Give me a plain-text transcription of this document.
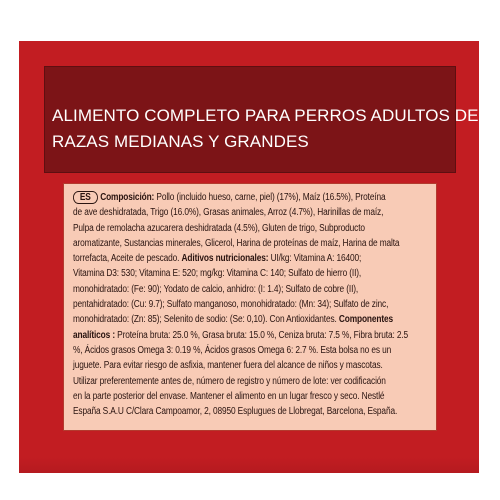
ALIMENTO COMPLETO PARA PERROS ADULTOS DE
RAZAS MEDIANAS Y GRANDES
ES Composición: Pollo (incluido hueso, carne, piel) (17%), Maíz (16.5%), Proteína
de ave deshidratada, Trigo (16.0%), Grasas animales, Arroz (4.7%), Harinillas de maíz,
Pulpa de remolacha azucarera deshidratada (4.5%), Gluten de trigo, Subproducto
aromatizante, Sustancias minerales, Glicerol, Harina de proteínas de maíz, Harina de malta
torrefacta, Aceite de pescado. Aditivos nutricionales: UI/kg: Vitamina A: 16400;
Vitamina D3: 530; Vitamina E: 520; mg/kg: Vitamina C: 140; Sulfato de hierro (II),
monohidratado: (Fe: 90); Yodato de calcio, anhidro: (I: 1.4); Sulfato de cobre (II),
pentahidratado: (Cu: 9.7); Sulfato manganoso, monohidratado: (Mn: 34); Sulfato de zinc,
monohidratado: (Zn: 85); Selenito de sodio: (Se: 0,10). Con Antioxidantes. Componentes
analíticos : Proteína bruta: 25.0 %, Grasa bruta: 15.0 %, Ceniza bruta: 7.5 %, Fibra bruta: 2.5
%, Ácidos grasos Omega 3: 0.19 %, Ácidos grasos Omega 6: 2.7 %. Esta bolsa no es un
juguete. Para evitar riesgo de asfixia, mantener fuera del alcance de niños y mascotas.
Utilizar preferentemente antes de, número de registro y número de lote: ver codificación
en la parte posterior del envase. Mantener el alimento en un lugar fresco y seco. Nestlé
España S.A.U C/Clara Campoamor, 2, 08950 Esplugues de Llobregat, Barcelona, España.
